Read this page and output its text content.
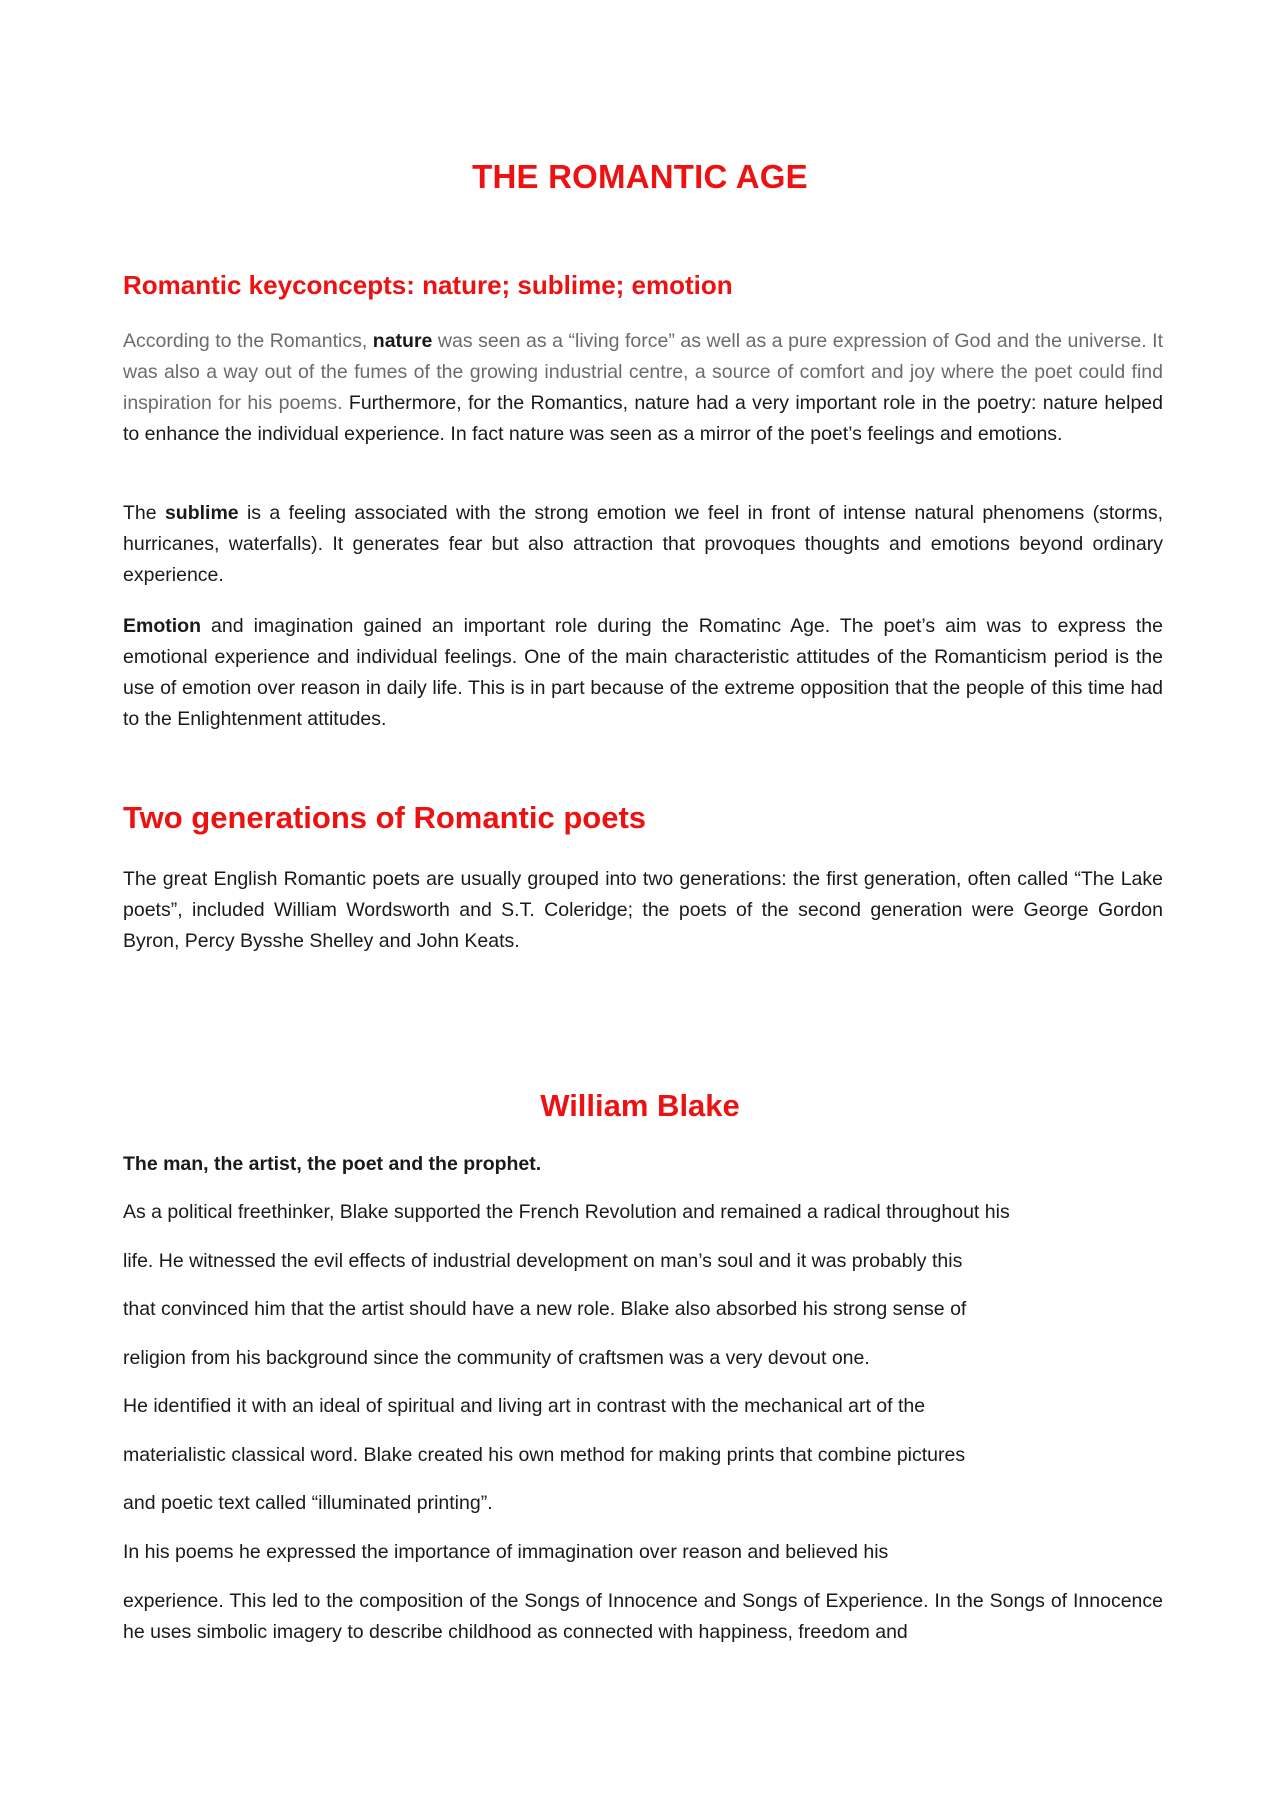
THE ROMANTIC AGE
Romantic keyconcepts: nature; sublime; emotion

According to the Romantics, nature was seen as a “living force” as well as a pure expression of God and the universe. It was also a way out of the fumes of the growing industrial centre, a source of comfort and joy where the poet could find inspiration for his poems. Furthermore, for the Romantics, nature had a very important role in the poetry: nature helped to enhance the individual experience. In fact nature was seen as a mirror of the poet’s feelings and emotions.

The sublime is a feeling associated with the strong emotion we feel in front of intense natural phenomens (storms, hurricanes, waterfalls). It generates fear but also attraction that provoques thoughts and emotions beyond ordinary experience.

Emotion and imagination gained an important role during the Romatinc Age. The poet’s aim was to express the emotional experience and individual feelings. One of the main characteristic attitudes of the Romanticism period is the use of emotion over reason in daily life. This is in part because of the extreme opposition that the people of this time had to the Enlightenment attitudes.

Two generations of Romantic poets

The great English Romantic poets are usually grouped into two generations: the first generation, often called “The Lake poets”, included William Wordsworth and S.T. Coleridge; the poets of the second generation were George Gordon Byron, Percy Bysshe Shelley and John Keats.

William Blake

The man, the artist, the poet and the prophet.

As a political freethinker, Blake supported the French Revolution and remained a radical throughout his

life. He witnessed the evil effects of industrial development on man’s soul and it was probably this

that convinced him that the artist should have a new role. Blake also absorbed his strong sense of

religion from his background since the community of craftsmen was a very devout one.

He identified it with an ideal of spiritual and living art in contrast with the mechanical art of the

materialistic classical word. Blake created his own method for making prints that combine pictures

and poetic text called “illuminated printing”.

In his poems he expressed the importance of immagination over reason and believed his

experience. This led to the composition of the Songs of Innocence and Songs of Experience. In the Songs of Innocence he uses simbolic imagery to describe childhood as connected with happiness, freedom and
